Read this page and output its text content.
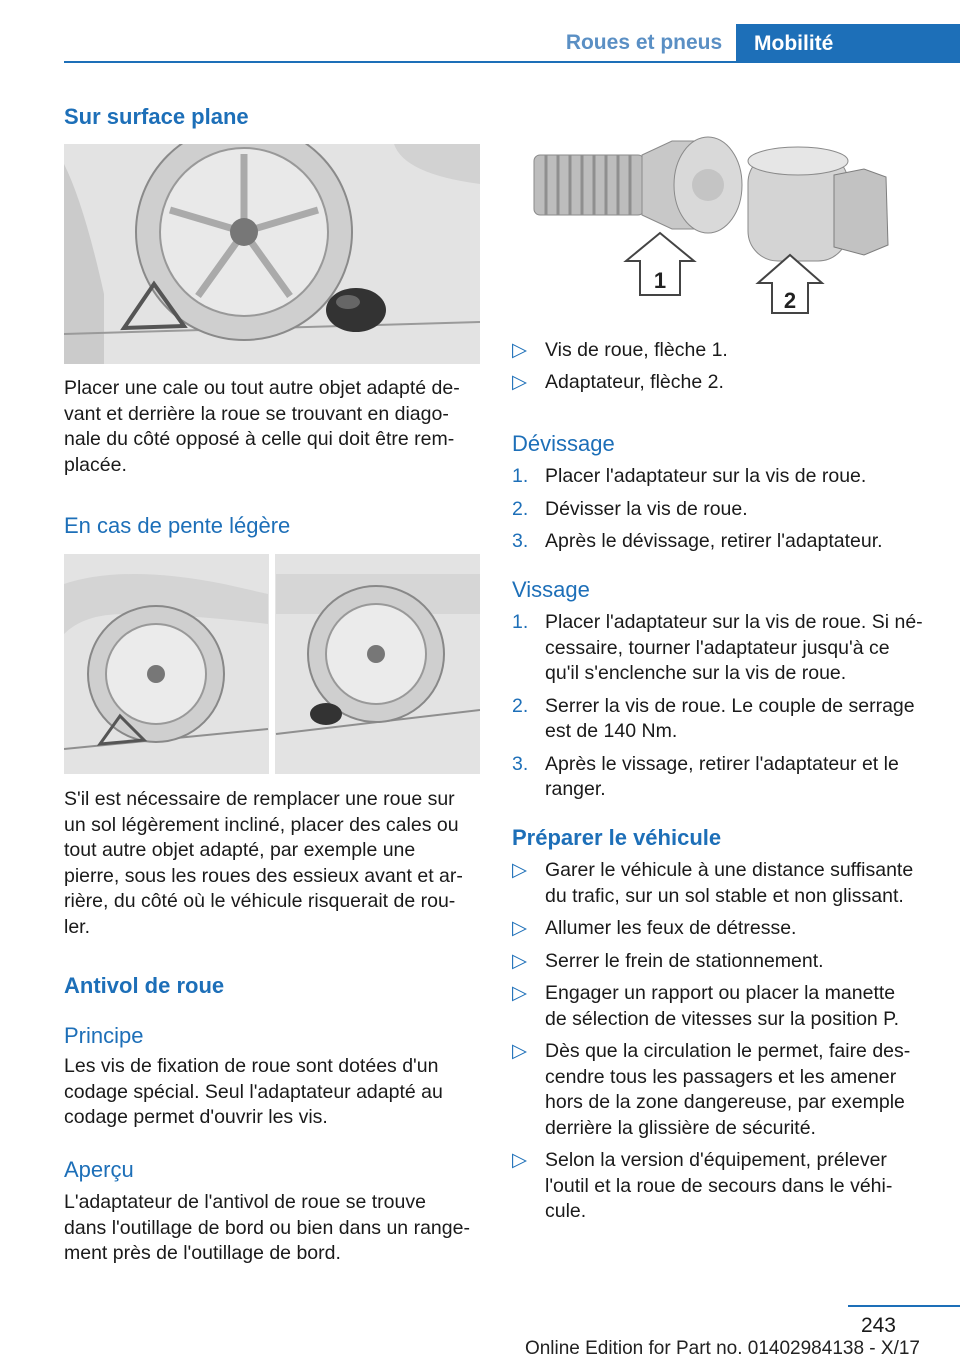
Roues et pneus	Mobilité
Sur surface plane
Placer une cale ou tout autre objet adapté de-
vant et derrière la roue se trouvant en diago-
nale du côté opposé à celle qui doit être rem-
placée.
En cas de pente légère
S'il est nécessaire de remplacer une roue sur
un sol légèrement incliné, placer des cales ou
tout autre objet adapté, par exemple une
pierre, sous les roues des essieux avant et ar-
rière, du côté où le véhicule risquerait de rou-
ler.
Antivol de roue
Principe
Les vis de fixation de roue sont dotées d'un
codage spécial. Seul l'adaptateur adapté au
codage permet d'ouvrir les vis.
Aperçu
L'adaptateur de l'antivol de roue se trouve
dans l'outillage de bord ou bien dans un range-
ment près de l'outillage de bord.
1
2
▷ Vis de roue, flèche 1.
▷ Adaptateur, flèche 2.
Dévissage
1. Placer l'adaptateur sur la vis de roue.
2. Dévisser la vis de roue.
3. Après le dévissage, retirer l'adaptateur.
Vissage
1. Placer l'adaptateur sur la vis de roue. Si né-
cessaire, tourner l'adaptateur jusqu'à ce
qu'il s'enclenche sur la vis de roue.
2. Serrer la vis de roue. Le couple de serrage
est de 140 Nm.
3. Après le vissage, retirer l'adaptateur et le
ranger.
Préparer le véhicule
▷ Garer le véhicule à une distance suffisante
du trafic, sur un sol stable et non glissant.
▷ Allumer les feux de détresse.
▷ Serrer le frein de stationnement.
▷ Engager un rapport ou placer la manette
de sélection de vitesses sur la position P.
▷ Dès que la circulation le permet, faire des-
cendre tous les passagers et les amener
hors de la zone dangereuse, par exemple
derrière la glissière de sécurité.
▷ Selon la version d'équipement, prélever
l'outil et la roue de secours dans le véhi-
cule.
243
Online Edition for Part no. 01402984138 - X/17
